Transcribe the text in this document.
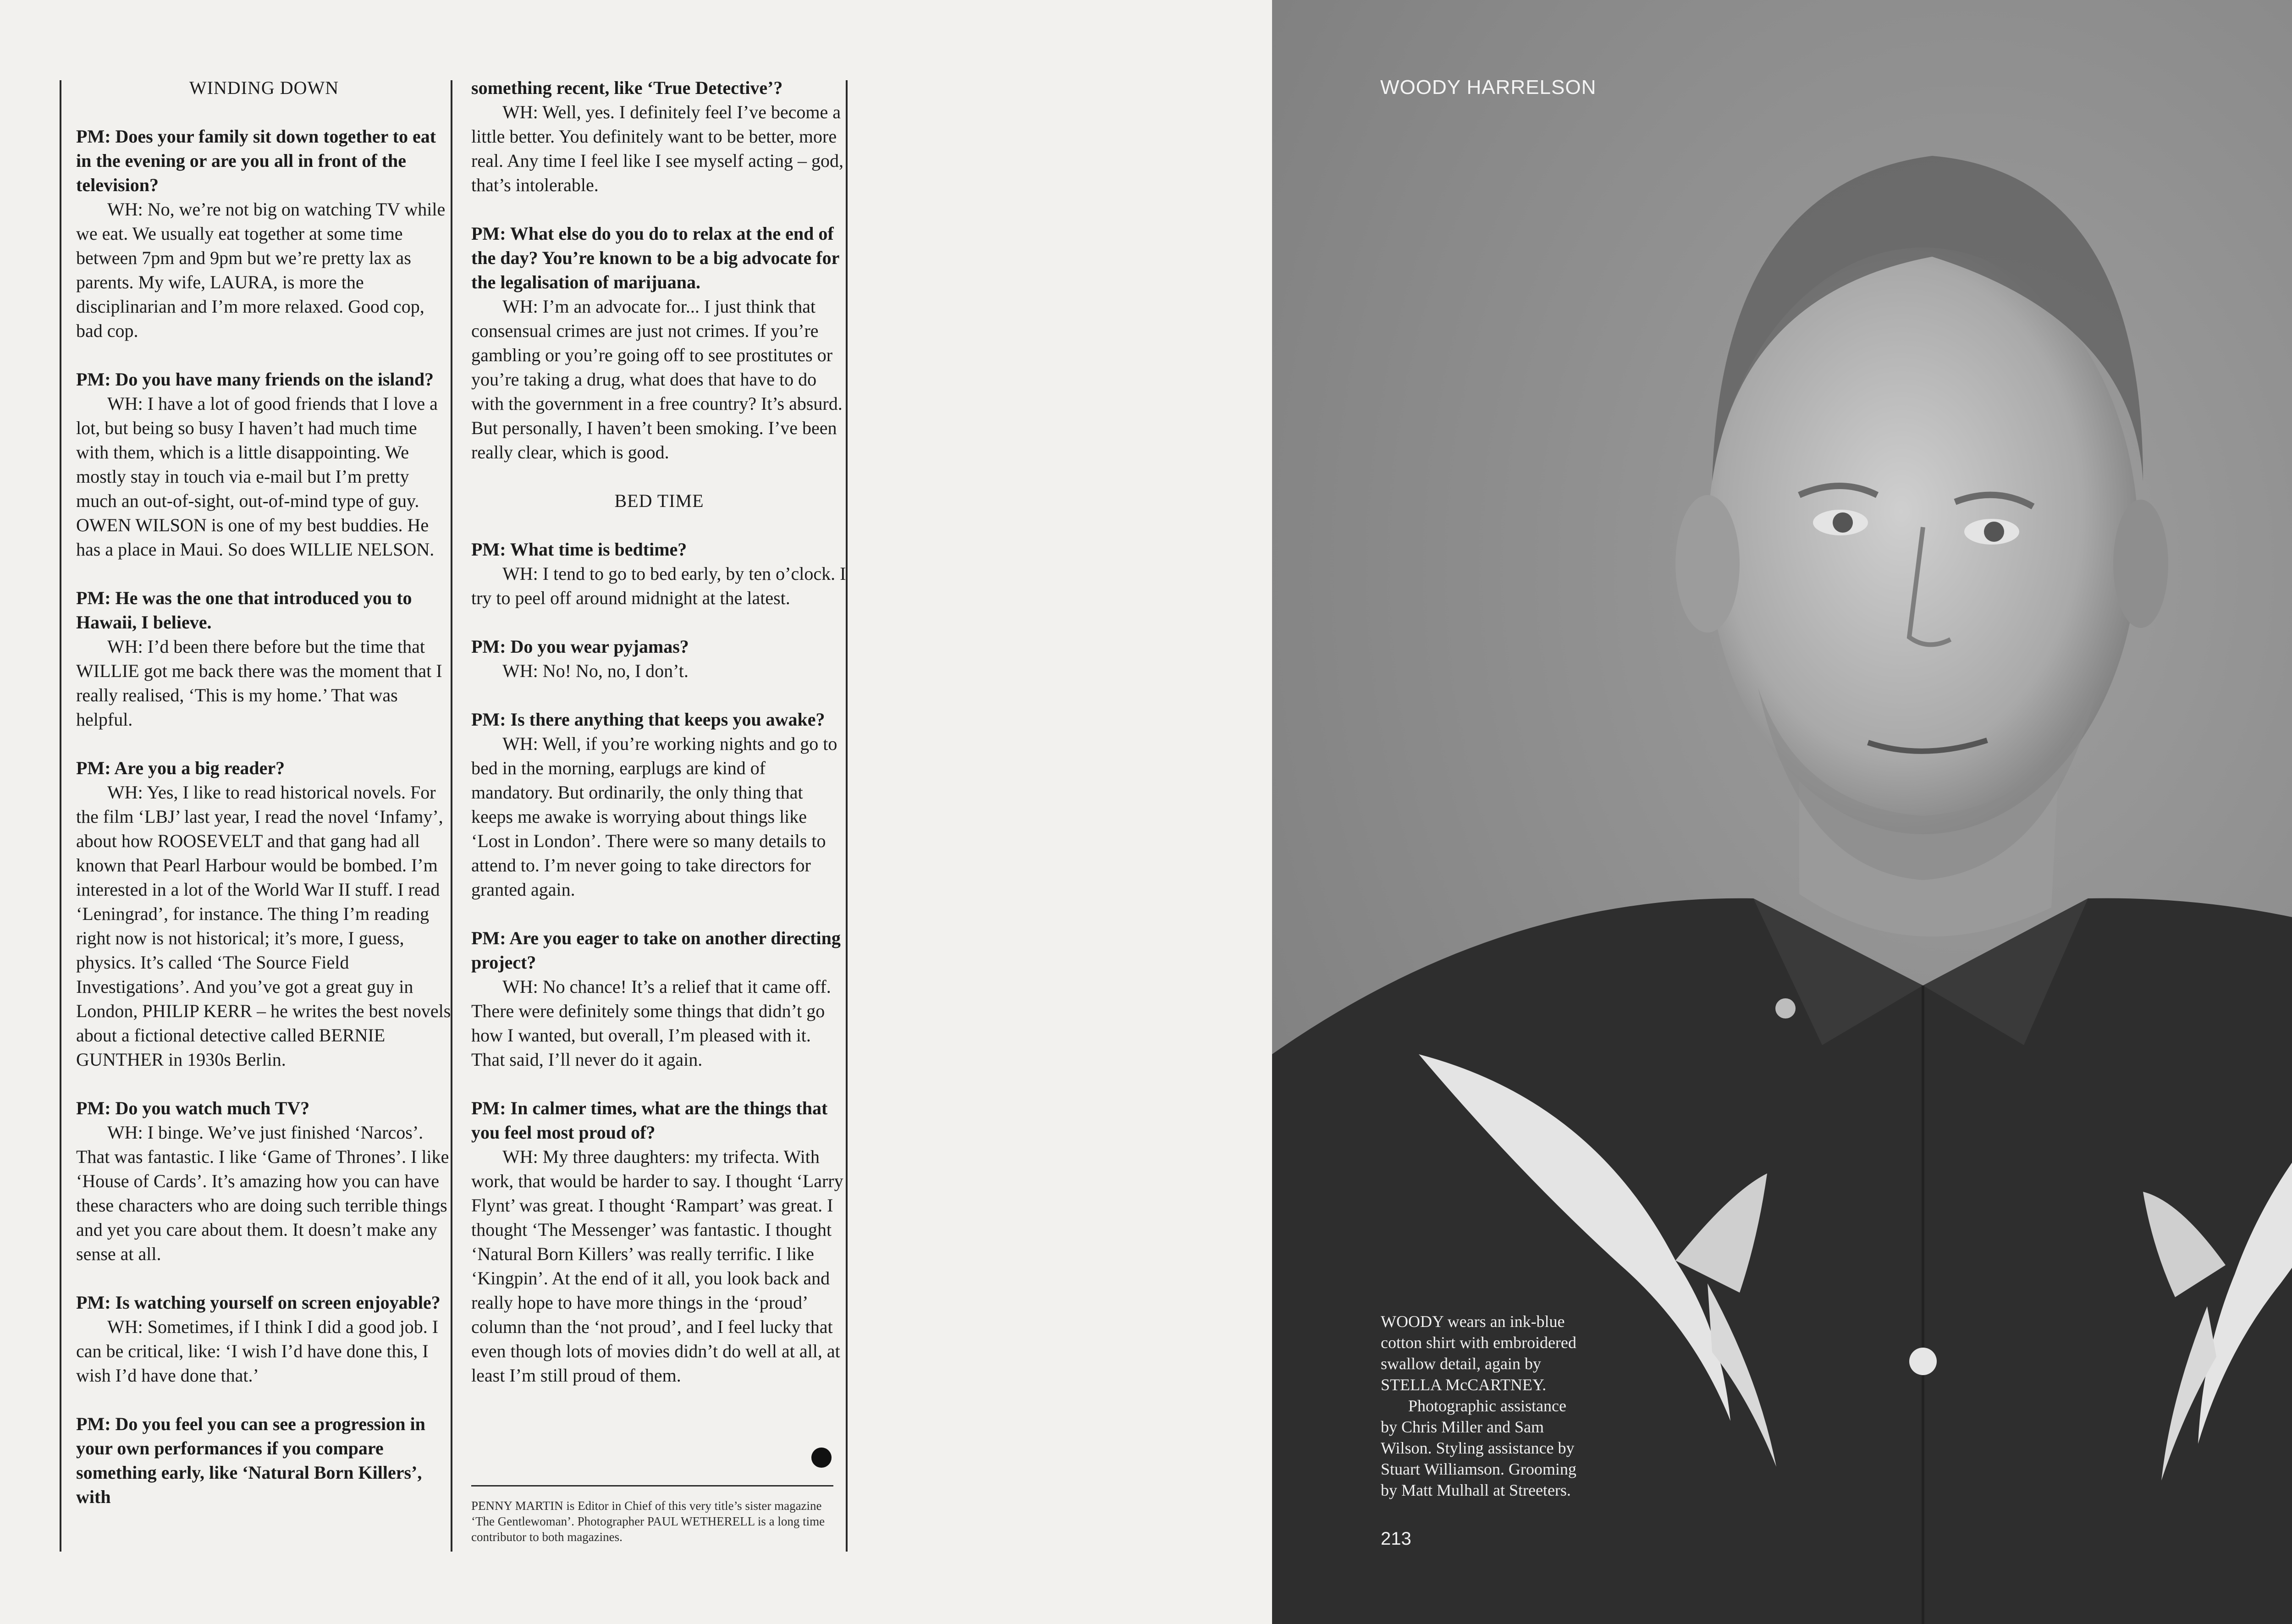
WINDING DOWN
PM: Does your family sit down together to eat in the evening or are you all in front of the television?
WH: No, we’re not big on watching TV while we eat. We usually eat together at some time between 7pm and 9pm but we’re pretty lax as parents. My wife, LAURA, is more the disciplinarian and I’m more relaxed. Good cop, bad cop.
PM: Do you have many friends on the island?
WH: I have a lot of good friends that I love a lot, but being so busy I haven’t had much time with them, which is a little disappointing. We mostly stay in touch via e-mail but I’m pretty much an out-of-sight, out-of-mind type of guy. OWEN WILSON is one of my best buddies. He has a place in Maui. So does WILLIE NELSON.
PM: He was the one that introduced you to Hawaii, I believe.
WH: I’d been there before but the time that WILLIE got me back there was the moment that I really realised, ‘This is my home.’ That was helpful.
PM: Are you a big reader?
WH: Yes, I like to read historical novels. For the film ‘LBJ’ last year, I read the novel ‘Infamy’, about how ROOSEVELT and that gang had all known that Pearl Harbour would be bombed. I’m interested in a lot of the World War II stuff. I read ‘Leningrad’, for instance. The thing I’m reading right now is not historical; it’s more, I guess, physics. It’s called ‘The Source Field Investigations’. And you’ve got a great guy in London, PHILIP KERR – he writes the best novels about a fictional detective called BERNIE GUNTHER in 1930s Berlin.
PM: Do you watch much TV?
WH: I binge. We’ve just finished ‘Narcos’. That was fantastic. I like ‘Game of Thrones’. I like ‘House of Cards’. It’s amazing how you can have these characters who are doing such terrible things and yet you care about them. It doesn’t make any sense at all.
PM: Is watching yourself on screen enjoyable?
WH: Sometimes, if I think I did a good job. I can be critical, like: ‘I wish I’d have done this, I wish I’d have done that.’
PM: Do you feel you can see a progression in your own performances if you compare something early, like ‘Natural Born Killers’, with
something recent, like ‘True Detective’?
WH: Well, yes. I definitely feel I’ve become a little better. You definitely want to be better, more real. Any time I feel like I see myself acting – god, that’s intolerable.
PM: What else do you do to relax at the end of the day? You’re known to be a big advocate for the legalisation of marijuana.
WH: I’m an advocate for... I just think that consensual crimes are just not crimes. If you’re gambling or you’re going off to see prostitutes or you’re taking a drug, what does that have to do with the government in a free country? It’s absurd. But personally, I haven’t been smoking. I’ve been really clear, which is good.
BED TIME
PM: What time is bedtime?
WH: I tend to go to bed early, by ten o’clock. I try to peel off around midnight at the latest.
PM: Do you wear pyjamas?
WH: No! No, no, I don’t.
PM: Is there anything that keeps you awake?
WH: Well, if you’re working nights and go to bed in the morning, earplugs are kind of mandatory. But ordinarily, the only thing that keeps me awake is worrying about things like ‘Lost in London’. There were so many details to attend to. I’m never going to take directors for granted again.
PM: Are you eager to take on another directing project?
WH: No chance! It’s a relief that it came off. There were definitely some things that didn’t go how I wanted, but overall, I’m pleased with it. That said, I’ll never do it again.
PM: In calmer times, what are the things that you feel most proud of?
WH: My three daughters: my trifecta. With work, that would be harder to say. I thought ‘Larry Flynt’ was great. I thought ‘Rampart’ was great. I thought ‘The Messenger’ was fantastic. I thought ‘Natural Born Killers’ was really terrific. I like ‘Kingpin’. At the end of it all, you look back and really hope to have more things in the ‘proud’ column than the ‘not proud’, and I feel lucky that even though lots of movies didn’t do well at all, at least I’m still proud of them.
PENNY MARTIN is Editor in Chief of this very title’s sister magazine ‘The Gentlewoman’. Photographer PAUL WETHERELL is a long time contributor to both magazines.
WOODY HARRELSON

WOODY wears an ink-blue cotton shirt with embroidered swallow detail, again by STELLA McCARTNEY.

Photographic assistance by Chris Miller and Sam Wilson. Styling assistance by Stuart Williamson. Grooming by Matt Mulhall at Streeters.

213
